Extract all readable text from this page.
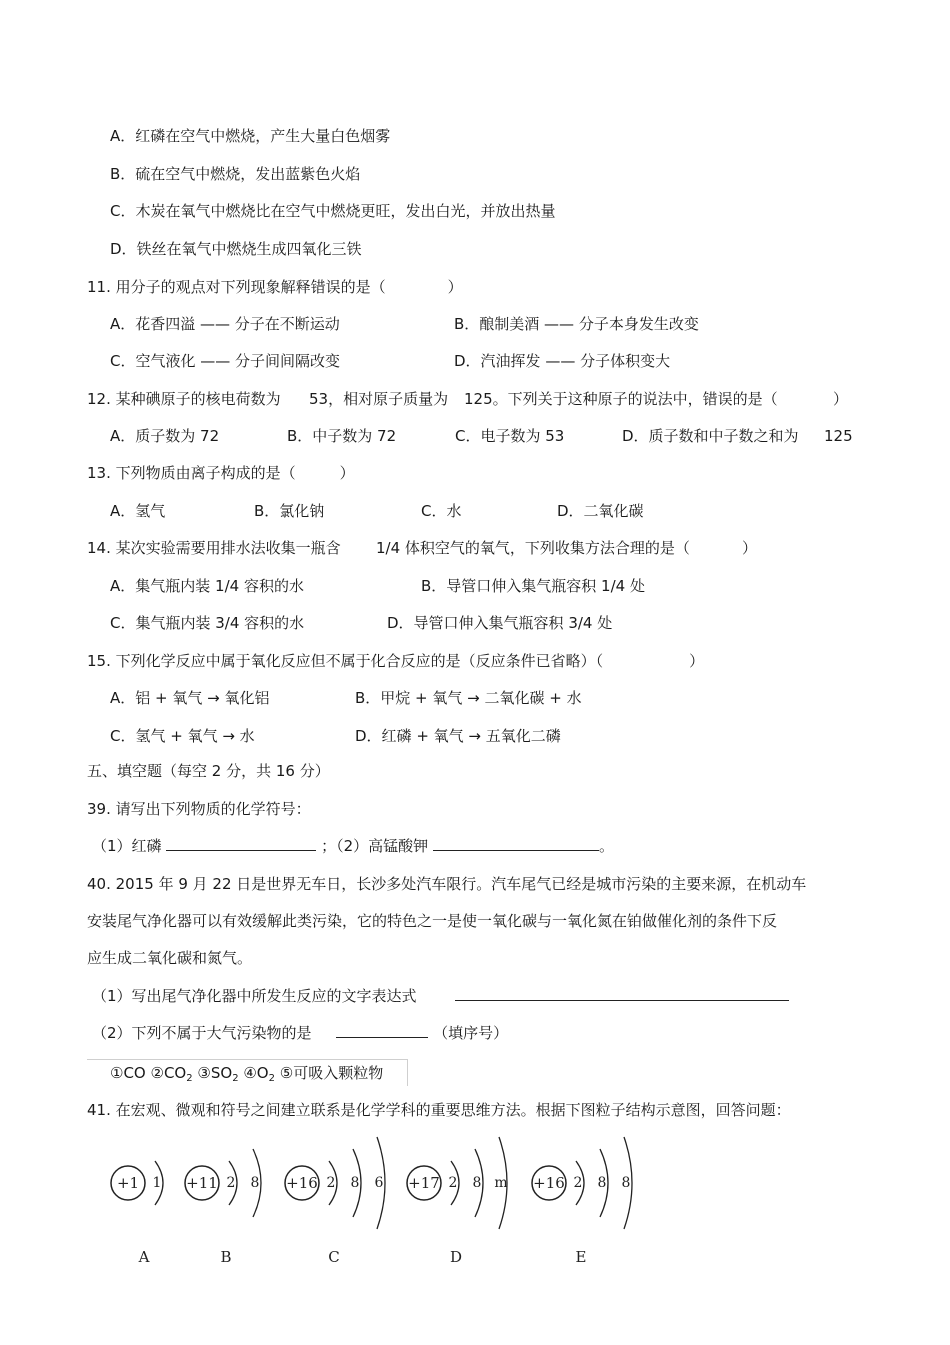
A．红磷在空气中燃烧，产生大量白色烟雾
B．硫在空气中燃烧，发出蓝紫色火焰
C．木炭在氧气中燃烧比在空气中燃烧更旺，发出白光，并放出热量
D．铁丝在氧气中燃烧生成四氧化三铁
11. 用分子的观点对下列现象解释错误的是（	）
A．花香四溢 —— 分子在不断运动	B．酿制美酒 —— 分子本身发生改变
C．空气液化 —— 分子间间隔改变	D．汽油挥发 —— 分子体积变大
12. 某种碘原子的核电荷数为 53，相对原子质量为 125。下列关于这种原子的说法中，错误的是（	）
A．质子数为 72	B．中子数为 72	C．电子数为 53	D．质子数和中子数之和为 125
13. 下列物质由离子构成的是（	）
A．氢气	B．氯化钠	C．水	D．二氧化碳
14. 某次实验需要用排水法收集一瓶含 1/4 体积空气的氧气，下列收集方法合理的是（	）
A．集气瓶内装 1/4 容积的水	B．导管口伸入集气瓶容积 1/4 处
C．集气瓶内装 3/4 容积的水	D．导管口伸入集气瓶容积 3/4 处
15. 下列化学反应中属于氧化反应但不属于化合反应的是（反应条件已省略）（	）
A．铝 + 氧气 → 氧化铝	B．甲烷 + 氧气 → 二氧化碳 + 水
C．氢气 + 氧气 → 水	D．红磷 + 氧气 → 五氧化二磷
五、填空题（每空 2 分，共 16 分）
39. 请写出下列物质的化学符号：
（1）红磷	；（2）高锰酸钾	。
40. 2015 年 9 月 22 日是世界无车日，长沙多处汽车限行。汽车尾气已经是城市污染的主要来源，在机动车
安装尾气净化器可以有效缓解此类污染，它的特色之一是使一氧化碳与一氧化氮在铂做催化剂的条件下反
应生成二氧化碳和氮气。
（1）写出尾气净化器中所发生反应的文字表达式
（2）下列不属于大气污染物的是	（填序号）
①CO $②CO_2$ $③SO_2$ $④O_2$ ⑤可吸入颗粒物
41. 在宏观、微观和符号之间建立联系是化学学科的重要思维方法。根据下图粒子结构示意图，回答问题：
+1 1
A
+11 2 8
B
+16 2 8 6
C
+17 2 8 m
D
+16 2 8 8
E
